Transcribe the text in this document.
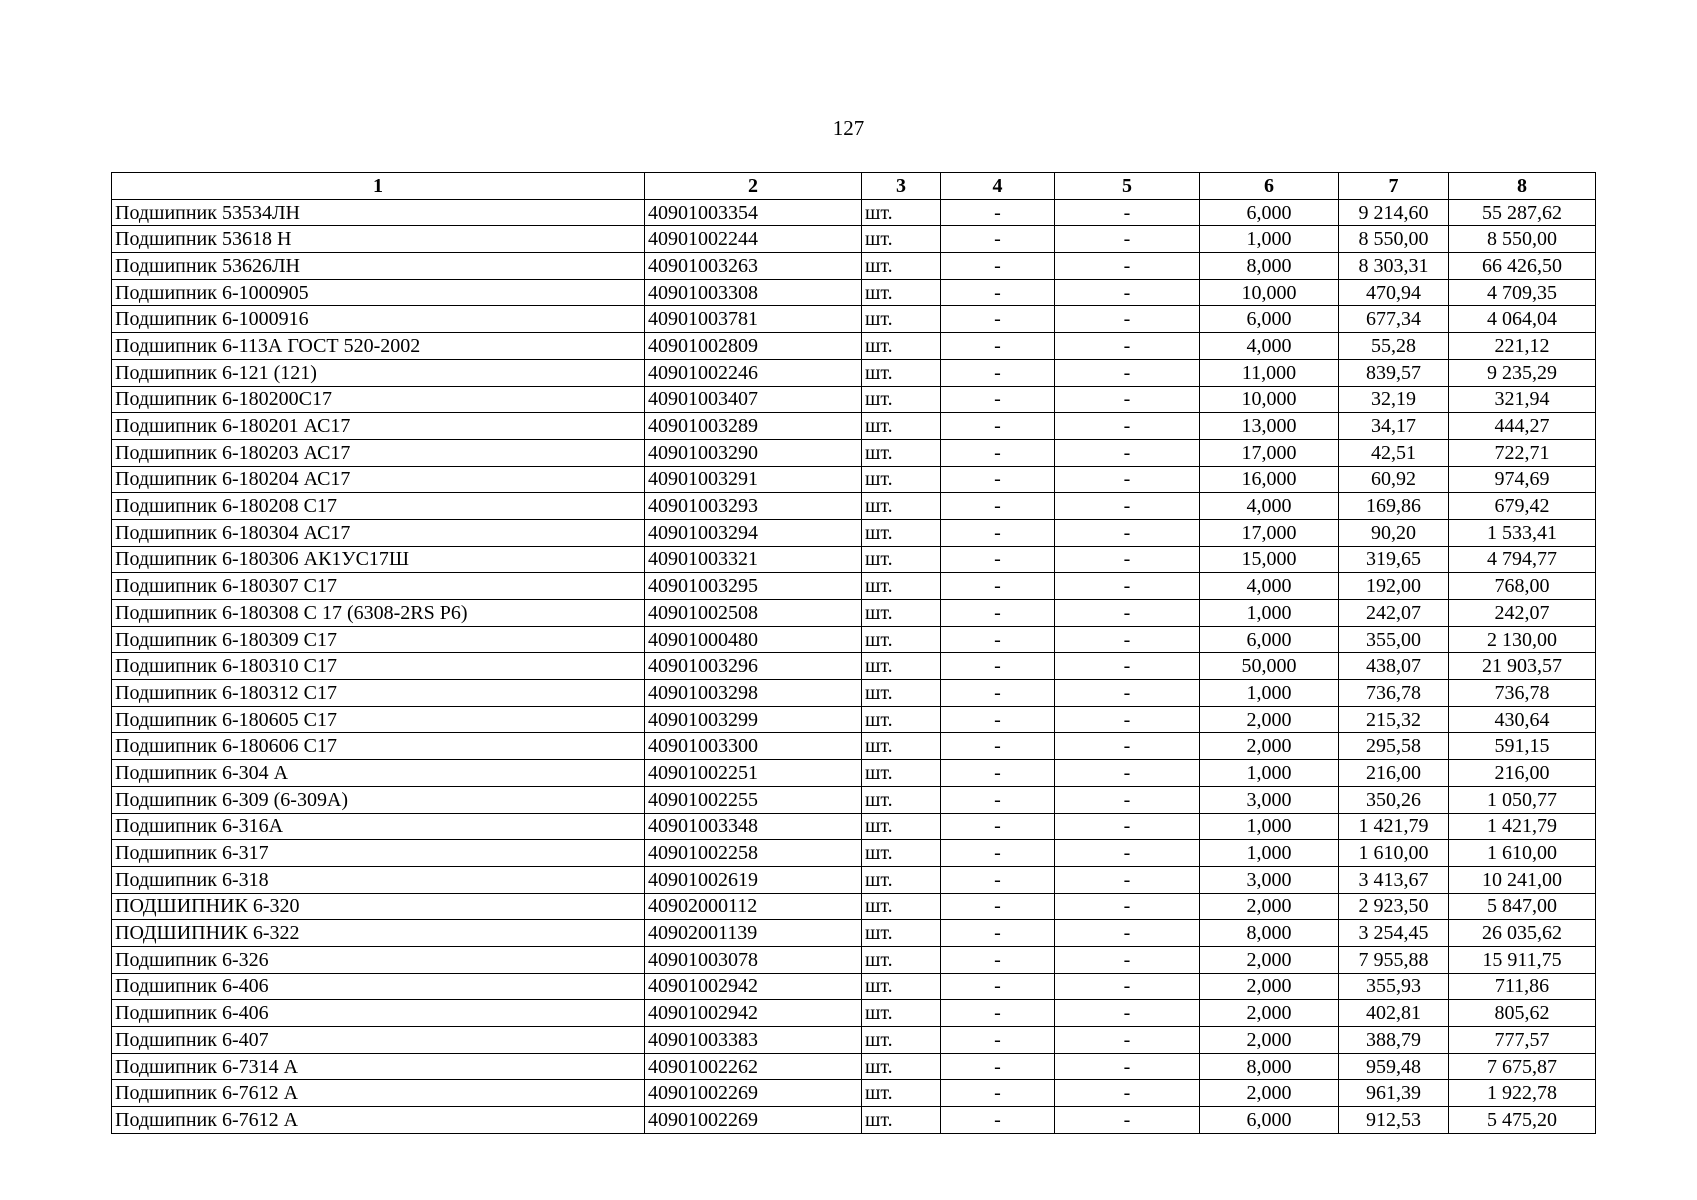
127
1	2	3	4	5	6	7	8
Подшипник 53534ЛН	40901003354	шт.	-	-	6,000	9 214,60	55 287,62
Подшипник 53618 Н	40901002244	шт.	-	-	1,000	8 550,00	8 550,00
Подшипник 53626ЛН	40901003263	шт.	-	-	8,000	8 303,31	66 426,50
Подшипник 6-1000905	40901003308	шт.	-	-	10,000	470,94	4 709,35
Подшипник 6-1000916	40901003781	шт.	-	-	6,000	677,34	4 064,04
Подшипник 6-113А ГОСТ 520-2002	40901002809	шт.	-	-	4,000	55,28	221,12
Подшипник 6-121 (121)	40901002246	шт.	-	-	11,000	839,57	9 235,29
Подшипник 6-180200С17	40901003407	шт.	-	-	10,000	32,19	321,94
Подшипник 6-180201 АС17	40901003289	шт.	-	-	13,000	34,17	444,27
Подшипник 6-180203 АС17	40901003290	шт.	-	-	17,000	42,51	722,71
Подшипник 6-180204 АС17	40901003291	шт.	-	-	16,000	60,92	974,69
Подшипник 6-180208 С17	40901003293	шт.	-	-	4,000	169,86	679,42
Подшипник 6-180304 АС17	40901003294	шт.	-	-	17,000	90,20	1 533,41
Подшипник 6-180306 АК1УС17Ш	40901003321	шт.	-	-	15,000	319,65	4 794,77
Подшипник 6-180307 С17	40901003295	шт.	-	-	4,000	192,00	768,00
Подшипник 6-180308 С 17 (6308-2RS P6)	40901002508	шт.	-	-	1,000	242,07	242,07
Подшипник 6-180309 С17	40901000480	шт.	-	-	6,000	355,00	2 130,00
Подшипник 6-180310 С17	40901003296	шт.	-	-	50,000	438,07	21 903,57
Подшипник 6-180312 С17	40901003298	шт.	-	-	1,000	736,78	736,78
Подшипник 6-180605 С17	40901003299	шт.	-	-	2,000	215,32	430,64
Подшипник 6-180606 С17	40901003300	шт.	-	-	2,000	295,58	591,15
Подшипник 6-304 А	40901002251	шт.	-	-	1,000	216,00	216,00
Подшипник 6-309 (6-309А)	40901002255	шт.	-	-	3,000	350,26	1 050,77
Подшипник 6-316А	40901003348	шт.	-	-	1,000	1 421,79	1 421,79
Подшипник 6-317	40901002258	шт.	-	-	1,000	1 610,00	1 610,00
Подшипник 6-318	40901002619	шт.	-	-	3,000	3 413,67	10 241,00
ПОДШИПНИК 6-320	40902000112	шт.	-	-	2,000	2 923,50	5 847,00
ПОДШИПНИК 6-322	40902001139	шт.	-	-	8,000	3 254,45	26 035,62
Подшипник 6-326	40901003078	шт.	-	-	2,000	7 955,88	15 911,75
Подшипник 6-406	40901002942	шт.	-	-	2,000	355,93	711,86
Подшипник 6-406	40901002942	шт.	-	-	2,000	402,81	805,62
Подшипник 6-407	40901003383	шт.	-	-	2,000	388,79	777,57
Подшипник 6-7314 А	40901002262	шт.	-	-	8,000	959,48	7 675,87
Подшипник 6-7612 А	40901002269	шт.	-	-	2,000	961,39	1 922,78
Подшипник 6-7612 А	40901002269	шт.	-	-	6,000	912,53	5 475,20
